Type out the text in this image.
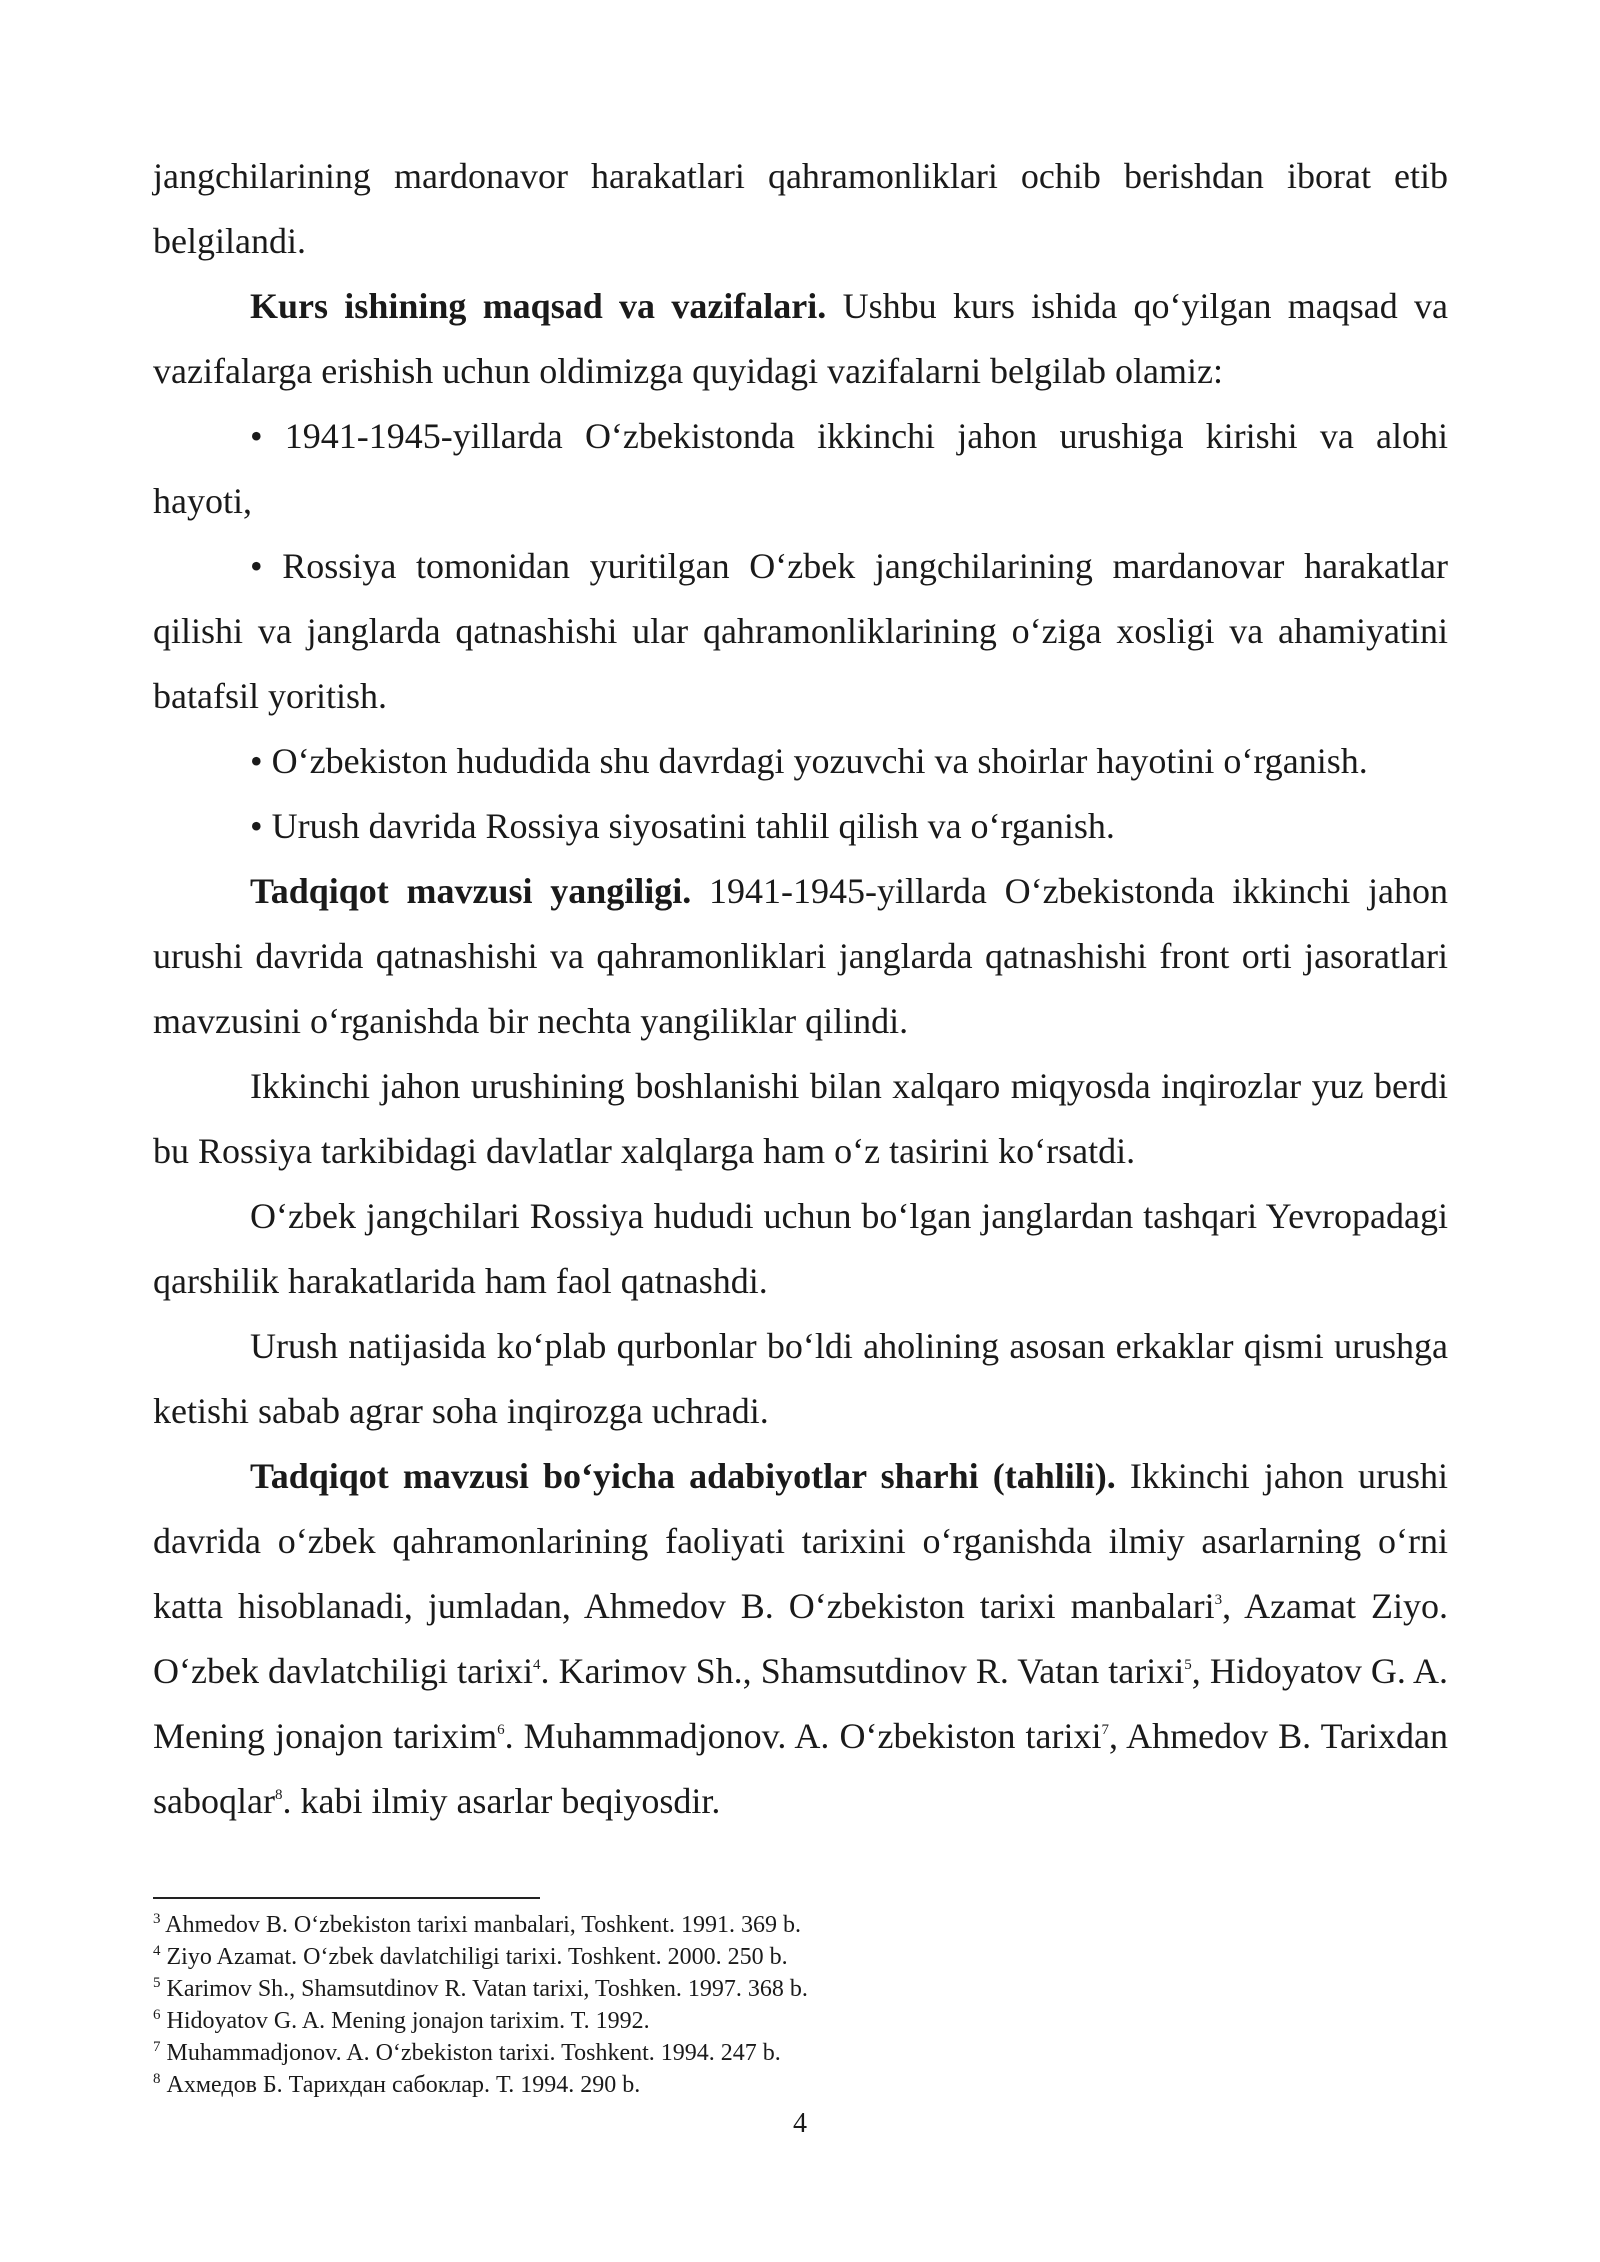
jangchilarining mardonavor harakatlari qahramonliklari ochib berishdan iborat etib belgilandi.

Kurs ishining maqsad va vazifalari. Ushbu kurs ishida qo‘yilgan maqsad va vazifalarga erishish uchun oldimizga quyidagi vazifalarni belgilab olamiz:

• 1941-1945-yillarda O‘zbekistonda ikkinchi jahon urushiga kirishi va alohi hayoti,

• Rossiya tomonidan yuritilgan O‘zbek jangchilarining mardanovar harakatlar qilishi va janglarda qatnashishi ular qahramonliklarining o‘ziga xosligi va ahamiyatini batafsil yoritish.

• O‘zbekiston hududida shu davrdagi yozuvchi va shoirlar hayotini o‘rganish.

• Urush davrida Rossiya siyosatini tahlil qilish va o‘rganish.

Tadqiqot mavzusi yangiligi. 1941-1945-yillarda O‘zbekistonda ikkinchi jahon urushi davrida qatnashishi va qahramonliklari janglarda qatnashishi front orti jasoratlari mavzusini o‘rganishda bir nechta yangiliklar qilindi.

Ikkinchi jahon urushining boshlanishi bilan xalqaro miqyosda inqirozlar yuz berdi bu Rossiya tarkibidagi davlatlar xalqlarga ham o‘z tasirini ko‘rsatdi.

O‘zbek jangchilari Rossiya hududi uchun bo‘lgan janglardan tashqari Yevropadagi qarshilik harakatlarida ham faol qatnashdi.

Urush natijasida ko‘plab qurbonlar bo‘ldi aholining asosan erkaklar qismi urushga ketishi sabab agrar soha inqirozga uchradi.

Tadqiqot mavzusi bo‘yicha adabiyotlar sharhi (tahlili). Ikkinchi jahon urushi davrida o‘zbek qahramonlarining faoliyati tarixini o‘rganishda ilmiy asarlarning o‘rni katta hisoblanadi, jumladan, Ahmedov B. O‘zbekiston tarixi manbalari$^3$, Azamat Ziyo. O‘zbek davlatchiligi tarixi$^4$. Karimov Sh., Shamsutdinov R. Vatan tarixi$^5$, Hidoyatov G. A. Mening jonajon tarixim$^6$. Muhammadjonov. A. O‘zbekiston tarixi$^7$, Ahmedov B. Tarixdan saboqlar$^8$. kabi ilmiy asarlar beqiyosdir.

$^3$ Ahmedov B. O‘zbekiston tarixi manbalari, Toshkent. 1991. 369 b.
$^4$ Ziyo Azamat. O‘zbek davlatchiligi tarixi. Toshkent. 2000. 250 b.
$^5$ Karimov Sh., Shamsutdinov R. Vatan tarixi, Toshken. 1997. 368 b.
$^6$ Hidoyatov G. A. Mening jonajon tarixim. T. 1992.
$^7$ Muhammadjonov. A. O‘zbekiston tarixi. Toshkent. 1994. 247 b.
$^8$ Ахмедов Б. Тарихдан сабоклар. Т. 1994. 290 b.
4
